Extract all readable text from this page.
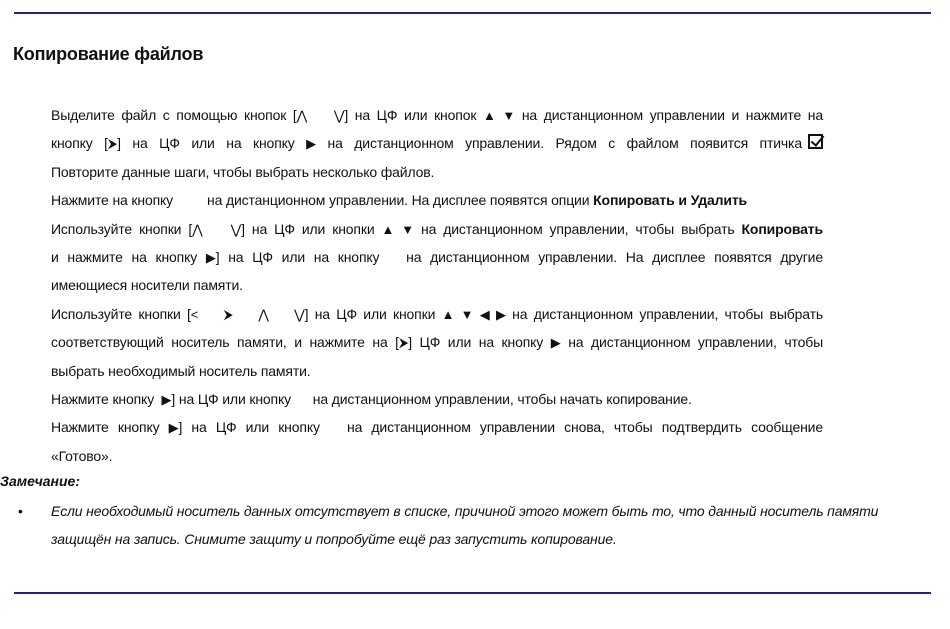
Копирование файлов
Выделите файл с помощью кнопок [⋀ ⋁] на ЦФ или кнопок ▲ ▼ на дистанционном управлении и нажмите на
кнопку [⮞] на ЦФ или на кнопку ▶ на дистанционном управлении. Рядом с файлом появится птичка
Повторите данные шаги, чтобы выбрать несколько файлов.
Нажмите на кнопку на дистанционном управлении. На дисплее появятся опции Копировать и Удалить
Используйте кнопки [⋀ ⋁] на ЦФ или кнопки ▲ ▼ на дистанционном управлении, чтобы выбрать Копировать
и нажмите на кнопку ▶] на ЦФ или на кнопку на дистанционном управлении. На дисплее появятся другие
имеющиеся носители памяти.
Используйте кнопки [< ⮞ ⋀ ⋁] на ЦФ или кнопки ▲ ▼ ◀ ▶ на дистанционном управлении, чтобы выбрать
соответствующий носитель памяти, и нажмите на [⮞] ЦФ или на кнопку ▶ на дистанционном управлении, чтобы
выбрать необходимый носитель памяти.
Нажмите кнопку ▶] на ЦФ или кнопку на дистанционном управлении, чтобы начать копирование.
Нажмите кнопку ▶] на ЦФ или кнопку на дистанционном управлении снова, чтобы подтвердить сообщение
«Готово».
Замечание:
• Если необходимый носитель данных отсутствует в списке, причиной этого может быть то, что данный носитель памяти
защищён на запись. Снимите защиту и попробуйте ещё раз запустить копирование.
